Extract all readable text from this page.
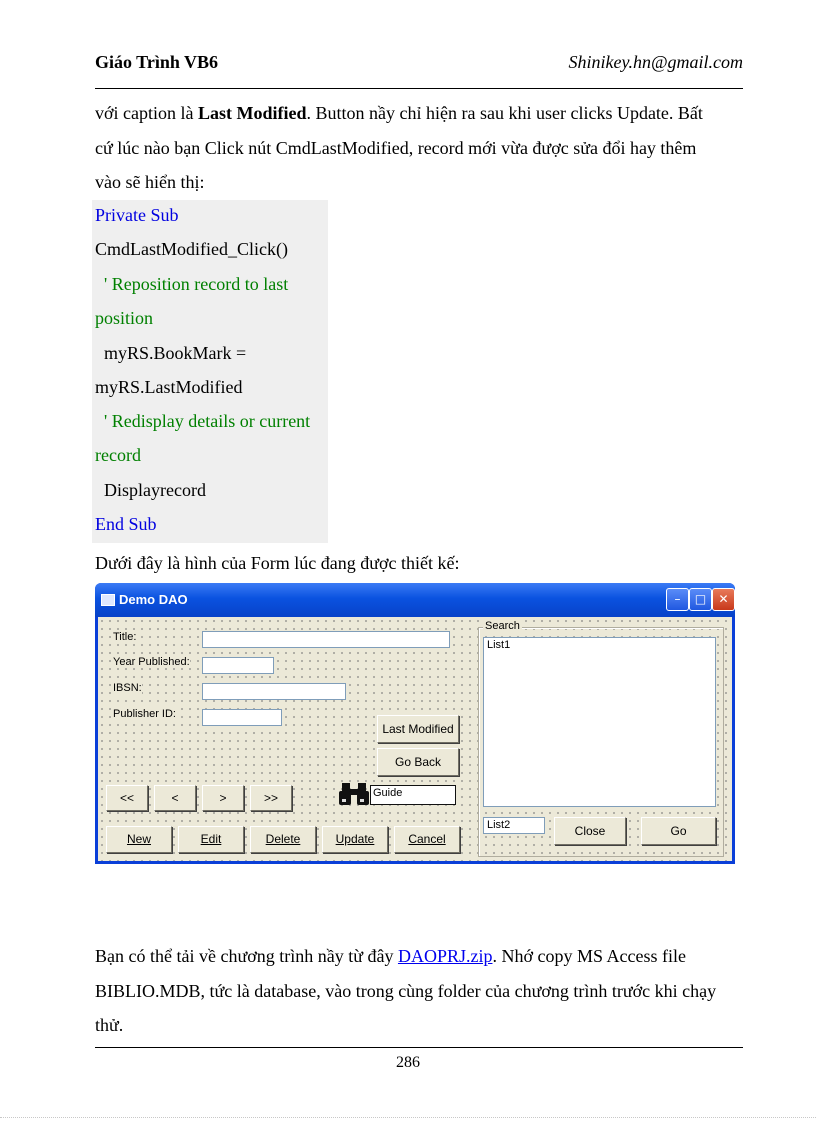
Giáo Trình VB6	Shinikey.hn@gmail.com
với caption là Last Modified. Button nầy chỉ hiện ra sau khi user clicks Update. Bất
cứ lúc nào bạn Click nút CmdLastModified, record mới vừa được sửa đổi hay thêm
vào sẽ hiển thị:
Private Sub
CmdLastModified_Click()
' Reposition record to last
position
myRS.BookMark =
myRS.LastModified
' Redisplay details or current
record
Displayrecord
End Sub
Dưới đây là hình của Form lúc đang được thiết kế:
Demo DAO	–	□	✕
Title:
Year Published:
IBSN:
Publisher ID:
Last Modified
Go Back
<<	<	>	>>	Guide
New	Edit	Delete	Update	Cancel
Search
List1
List2	Close	Go
Bạn có thể tải về chương trình nầy từ đây DAOPRJ.zip. Nhớ copy MS Access file
BIBLIO.MDB, tức là database, vào trong cùng folder của chương trình trước khi chạy
thử.
286
